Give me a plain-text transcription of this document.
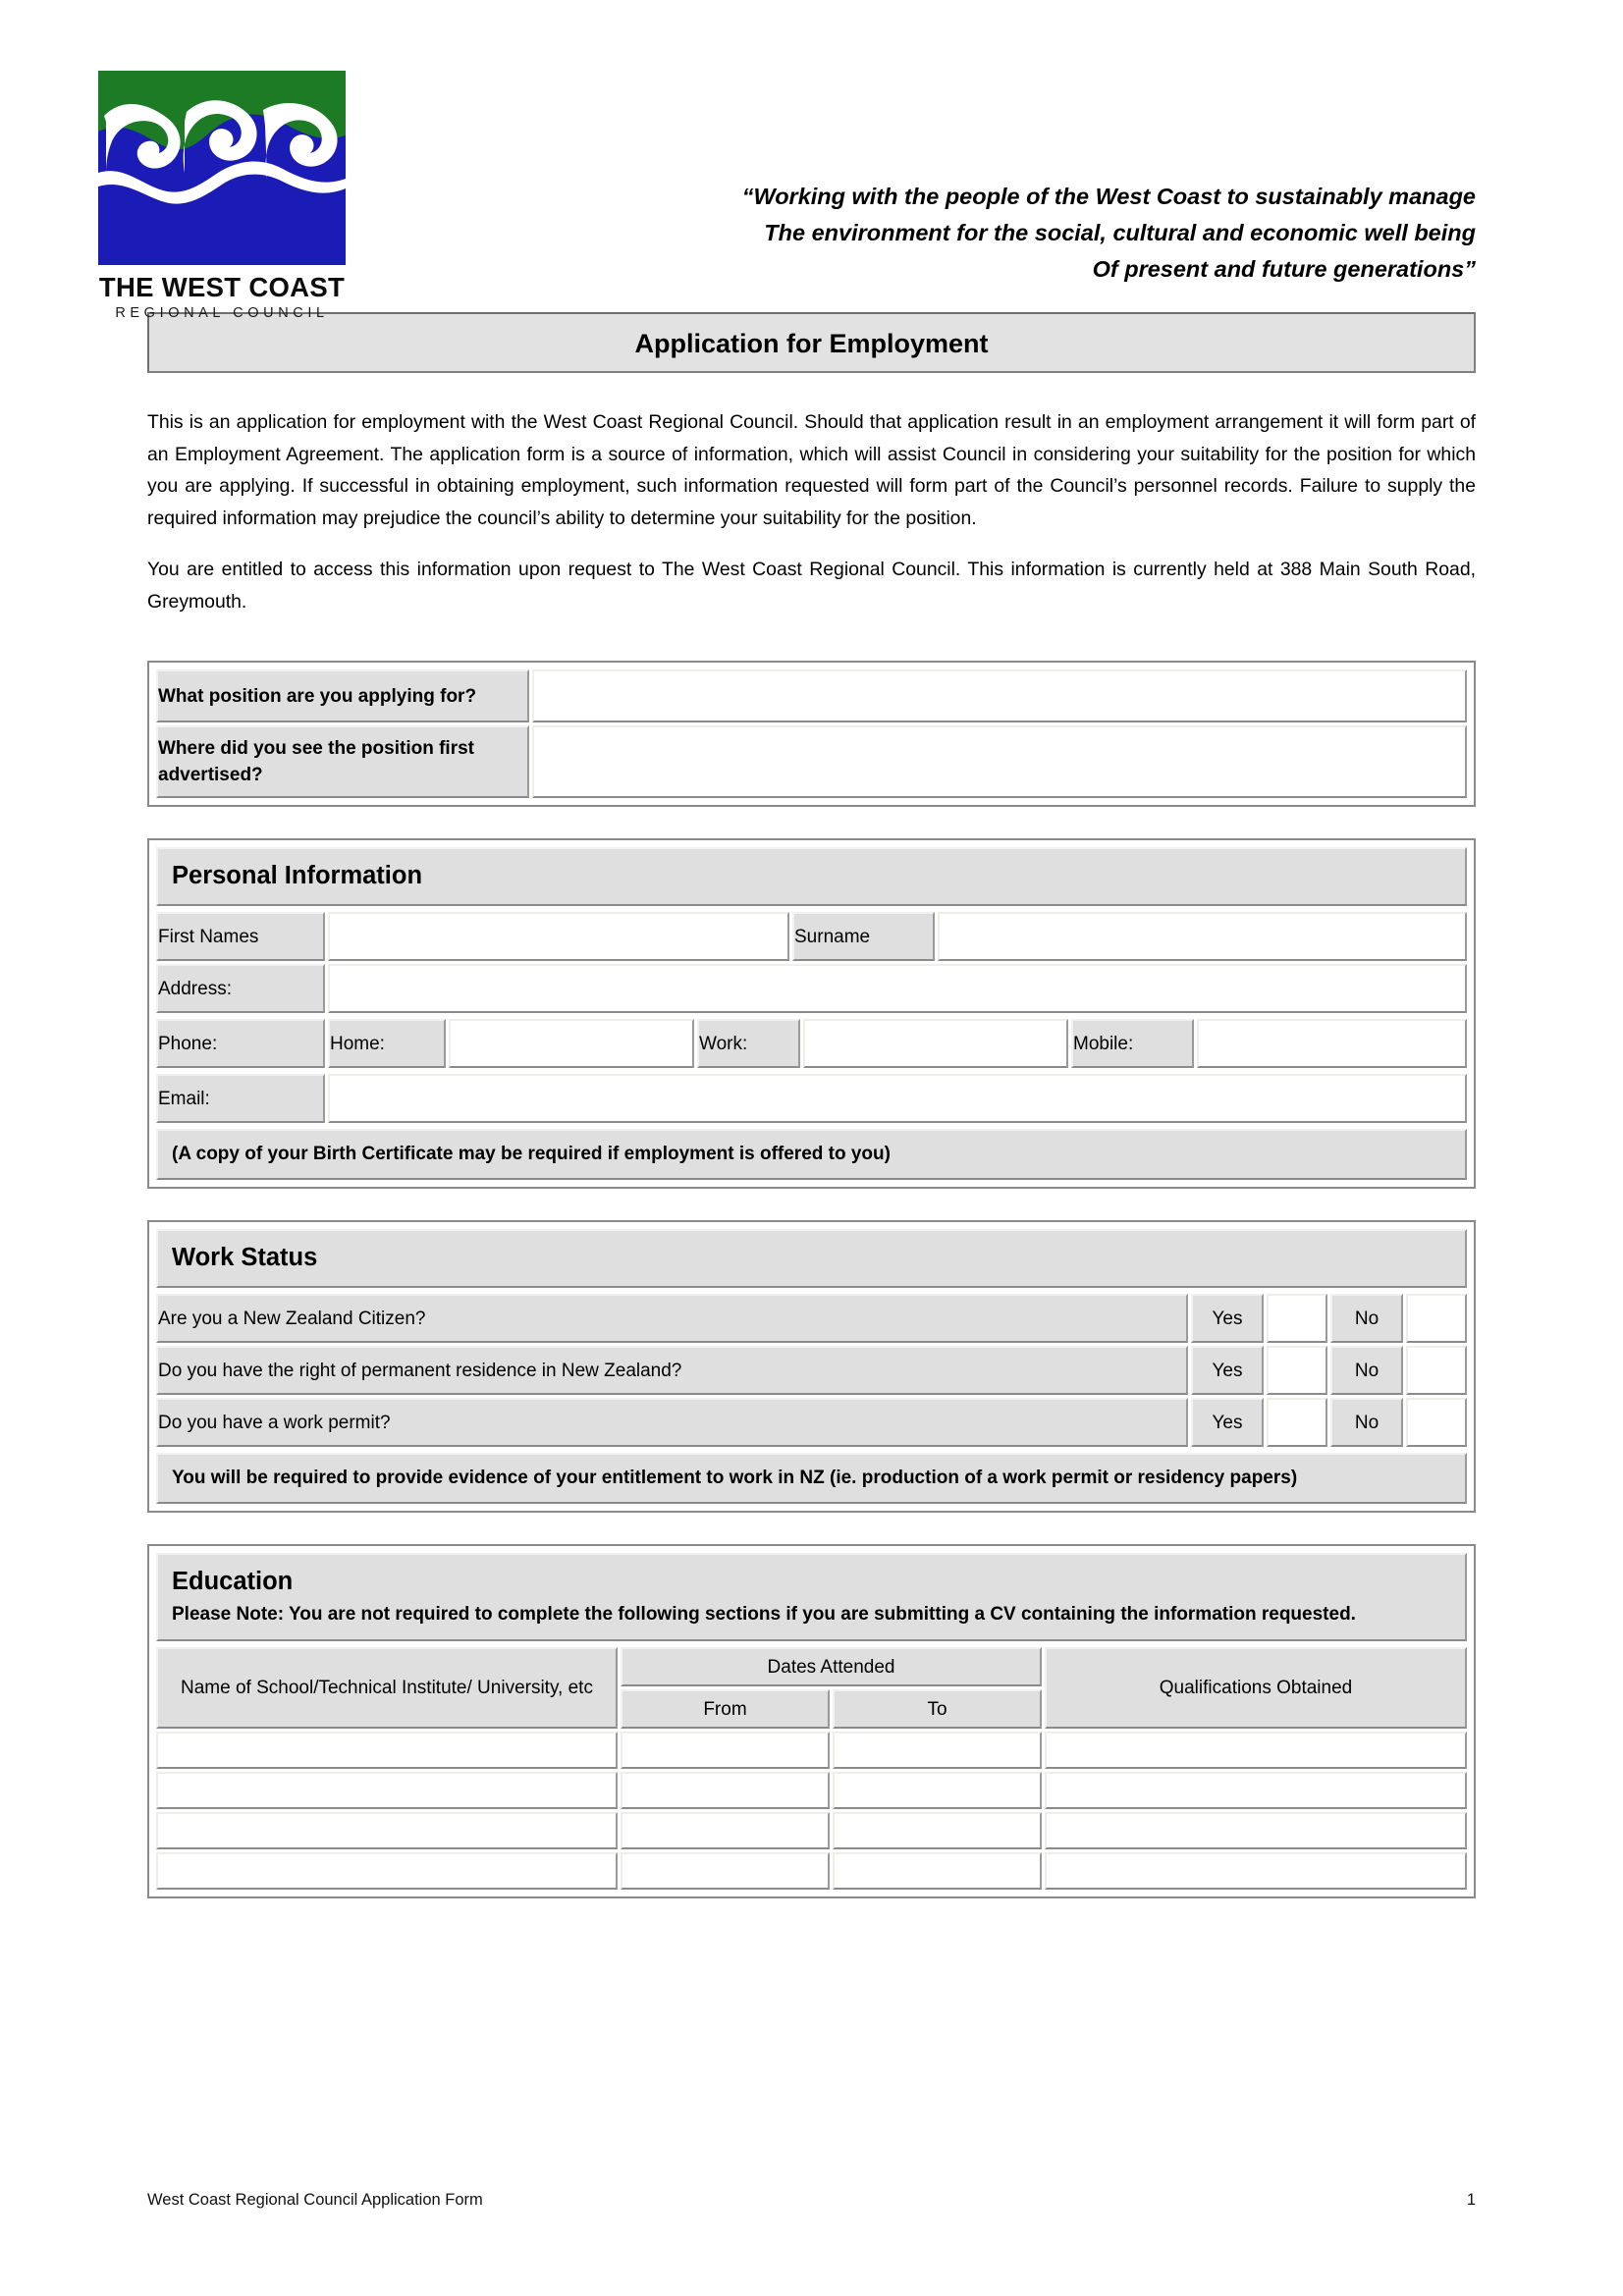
THE WEST COAST
REGIONAL COUNCIL
“Working with the people of the West Coast to sustainably manage
The environment for the social, cultural and economic well being
Of present and future generations”
Application for Employment

This is an application for employment with the West Coast Regional Council. Should that application result in an employment arrangement it will form part of an Employment Agreement. The application form is a source of information, which will assist Council in considering your suitability for the position for which you are applying. If successful in obtaining employment, such information requested will form part of the Council’s personnel records. Failure to supply the required information may prejudice the council’s ability to determine your suitability for the position.

You are entitled to access this information upon request to The West Coast Regional Council. This information is currently held at 388 Main South Road, Greymouth.

What position are you applying for?	
Where did you see the position first advertised?	
Personal Information
First Names		Surname	
Address:			
Phone:	Home:		Work:		Mobile:	
Email:	
(A copy of your Birth Certificate may be required if employment is offered to you)
Work Status
Are you a New Zealand Citizen?	Yes		No	
Do you have the right of permanent residence in New Zealand?	Yes		No	
Do you have a work permit?	Yes		No	
You will be required to provide evidence of your entitlement to work in NZ (ie. production of a work permit or residency papers)
Education
Please Note: You are not required to complete the following sections if you are submitting a CV containing the information requested.
Name of School/Technical Institute/ University, etc	Dates Attended		Qualifications Obtained
	From	To	

West Coast Regional Council Application Form	1
